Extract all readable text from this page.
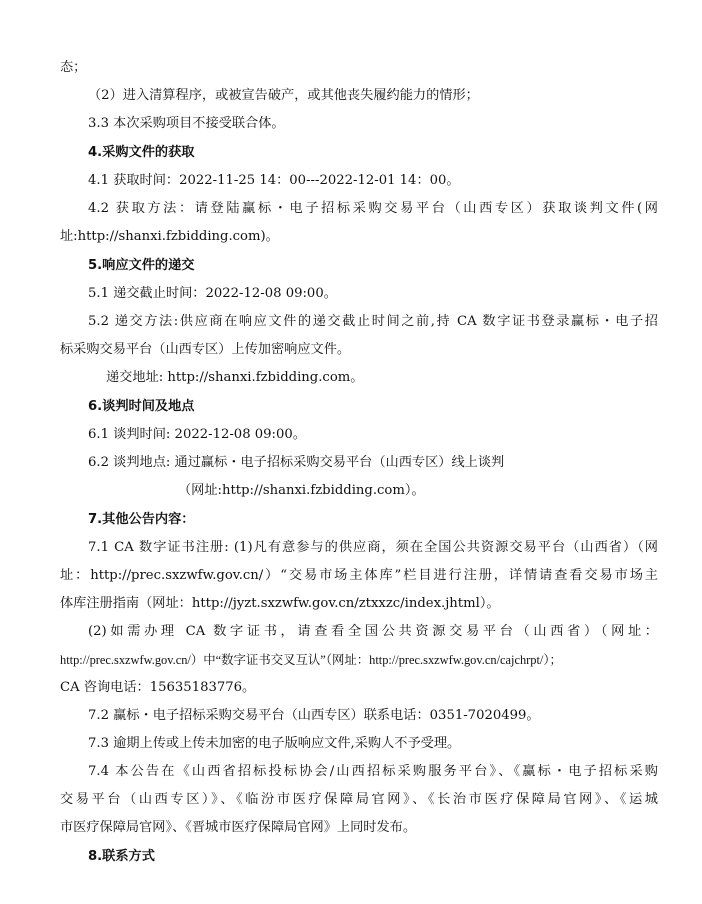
态；
（2）进入清算程序，或被宣告破产，或其他丧失履约能力的情形；
3.3 本次采购项目不接受联合体。
4.采购文件的获取
4.1 获取时间：2022-11-25 14：00---2022-12-01 14：00。
4.2 获取方法：请登陆赢标・电子招标采购交易平台（山西专区）获取谈判文件(网
址:http://shanxi.fzbidding.com)。
5.响应文件的递交
5.1 递交截止时间：2022-12-08 09:00。
5.2 递交方法:供应商在响应文件的递交截止时间之前,持 CA 数字证书登录赢标・电子招
标采购交易平台（山西专区）上传加密响应文件。
递交地址: http://shanxi.fzbidding.com。
6.谈判时间及地点
6.1 谈判时间: 2022-12-08 09:00。
6.2 谈判地点: 通过赢标・电子招标采购交易平台（山西专区）线上谈判
（网址:http://shanxi.fzbidding.com）。
7.其他公告内容：
7.1 CA 数字证书注册: (1)凡有意参与的供应商，须在全国公共资源交易平台（山西省）（网
址：http://prec.sxzwfw.gov.cn/）“交易市场主体库”栏目进行注册，详情请查看交易市场主
体库注册指南（网址：http://jyzt.sxzwfw.gov.cn/ztxxzc/index.jhtml）。
(2)如需办理 CA 数字证书，请查看全国公共资源交易平台（山西省）（网址：
http://prec.sxzwfw.gov.cn/）中“数字证书交叉互认”（网址：http://prec.sxzwfw.gov.cn/cajchrpt/）；
CA 咨询电话：15635183776。
7.2 赢标・电子招标采购交易平台（山西专区）联系电话：0351-7020499。
7.3 逾期上传或上传未加密的电子版响应文件,采购人不予受理。
7.4 本公告在《山西省招标投标协会/山西招标采购服务平台》、《赢标・电子招标采购
交易平台（山西专区）》、《临汾市医疗保障局官网》、《长治市医疗保障局官网》、《运城
市医疗保障局官网》、《晋城市医疗保障局官网》上同时发布。
8.联系方式
